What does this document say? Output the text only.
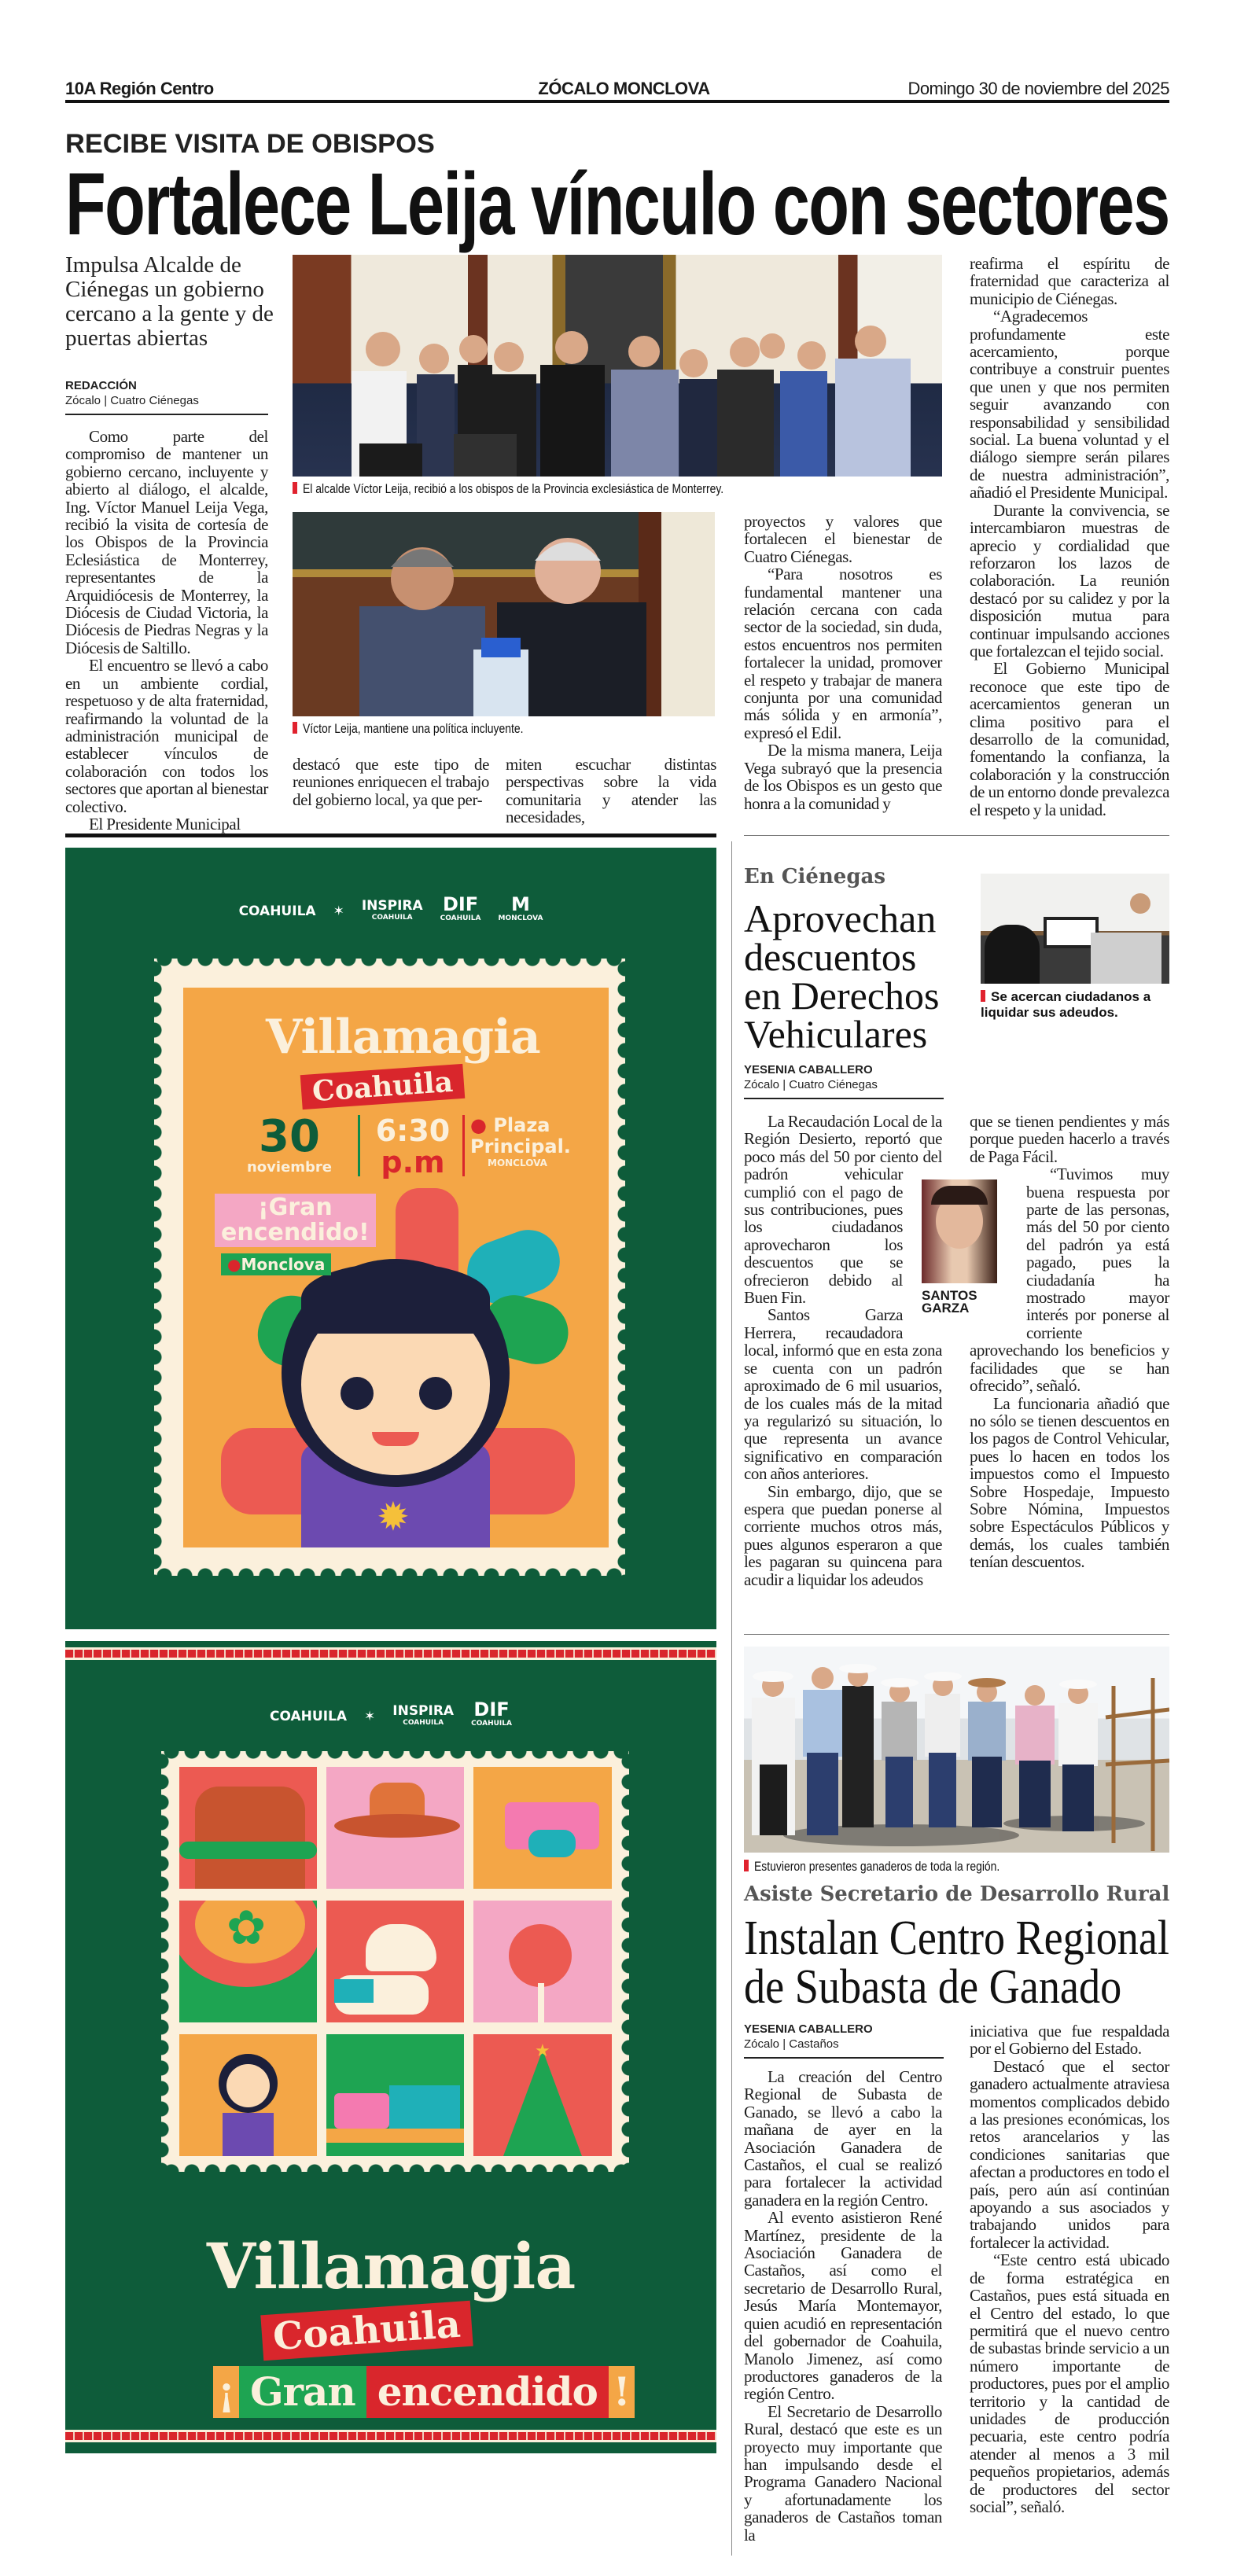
10A Región Centro	ZÓCALO MONCLOVA	Domingo 30 de noviembre del 2025
RECIBE VISITA DE OBISPOS
Fortalece Leija vínculo con sectores
Impulsa Alcalde de Ciénegas un gobierno cercano a la gente y de puertas abiertas
REDACCIÓN
Zócalo | Cuatro Ciénegas
El alcalde Víctor Leija, recibió a los obispos de la Provincia exclesiástica de Monterrey.
Víctor Leija, mantiene una política incluyente.

Como parte del compromiso de mantener un gobierno cercano, incluyente y abierto al diálogo, el alcalde, Ing. Víctor Manuel Leija Vega, recibió la visita de cortesía de los Obispos de la Provincia Eclesiástica de Monterrey, representantes de la Arquidiócesis de Monterrey, la Diócesis de Ciudad Victoria, la Diócesis de Piedras Negras y la Diócesis de Saltillo.

El encuentro se llevó a cabo en un ambiente cordial, respetuoso y de alta fraternidad, reafirmando la voluntad de la administración municipal de establecer vínculos de colaboración con todos los sectores que aportan al bienestar colectivo.

El Presidente Municipal

destacó que este tipo de reuniones enriquecen el trabajo del gobierno local, ya que per-

miten escuchar distintas perspectivas sobre la vida comunitaria y atender las necesidades,

proyectos y valores que fortalecen el bienestar de Cuatro Ciénegas.

“Para nosotros es fundamental mantener una relación cercana con cada sector de la sociedad, sin duda, estos encuentros nos permiten fortalecer la unidad, promover el respeto y trabajar de manera conjunta por una comunidad más sólida y en armonía”, expresó el Edil.

De la misma manera, Leija Vega subrayó que la presencia de los Obispos es un gesto que honra a la comunidad y

reafirma el espíritu de fraternidad que caracteriza al municipio de Ciénegas.

“Agradecemos profundamente este acercamiento, porque contribuye a construir puentes que unen y que nos permiten seguir avanzando con responsabilidad y sensibilidad social. La buena voluntad y el diálogo siempre serán pilares de nuestra administración”, añadió el Presidente Municipal.

Durante la convivencia, se intercambiaron muestras de aprecio y cordialidad que reforzaron los lazos de colaboración. La reunión destacó por su calidez y por la disposición mutua para continuar impulsando acciones que fortalezcan el tejido social.

El Gobierno Municipal reconoce que este tipo de acercamientos generan un clima positivo para el desarrollo de la comunidad, fomentando la confianza, la colaboración y la construcción de un entorno donde prevalezca el respeto y la unidad.

COAHUILA ✶ INSPIRA
COAHUILA
DIF
COAHUILA
M
MONCLOVA
Villamagia
Coahuila
30
noviembre
6:30
p.m
● Plaza Principal.
MONCLOVA
✹
¡Gran
encendido!
●Monclova
COAHUILA ✶ INSPIRA
COAHUILA
DIF
COAHUILA
✿
★
Villamagia
Coahuila
¡ Gran encendido !
En Ciénegas
Aprovechan
descuentos
en Derechos
Vehiculares
YESENIA CABALLERO
Zócalo | Cuatro Ciénegas
Se acercan ciudadanos a liquidar sus adeudos.
SANTOS GARZA

La Recaudación Local de la Región Desierto, reportó que poco más del 50 por ciento del padrón vehicular cumplió con el pago de sus contribuciones, pues los ciudadanos aprovecharon los descuentos que se ofrecieron debido al Buen Fin.

Santos Garza Herrera, recaudadora local, informó que en esta zona se cuenta con un padrón aproximado de 6 mil usuarios, de los cuales más de la mitad ya regularizó su situación, lo que representa un avance significativo en comparación con años anteriores.

Sin embargo, dijo, que se espera que puedan ponerse al corriente muchos otros más, pues algunos esperaron a que les pagaran su quincena para acudir a liquidar los adeudos

que se tienen pendientes y más porque pueden hacerlo a través de Paga Fácil.

“Tuvimos muy buena respuesta por parte de las personas, más del 50 por ciento del padrón ya está pagado, pues la ciudadanía ha mostrado mayor interés por ponerse al corriente aprovechando los beneficios y facilidades que se han ofrecido”, señaló.

La funcionaria añadió que no sólo se tienen descuentos en los pagos de Control Vehicular, pues lo hacen en todos los impuestos como el Impuesto Sobre Hospedaje, Impuesto Sobre Nómina, Impuestos sobre Espectáculos Públicos y demás, los cuales también tenían descuentos.

Estuvieron presentes ganaderos de toda la región.
Asiste Secretario de Desarrollo Rural
Instalan Centro Regional
de Subasta de Ganado
YESENIA CABALLERO
Zócalo | Castaños

La creación del Centro Regional de Subasta de Ganado, se llevó a cabo la mañana de ayer en la Asociación Ganadera de Castaños, el cual se realizó para fortalecer la actividad ganadera en la región Centro.

Al evento asistieron René Martínez, presidente de la Asociación Ganadera de Castaños, así como el secretario de Desarrollo Rural, Jesús María Montemayor, quien acudió en representación del gobernador de Coahuila, Manolo Jimenez, así como productores ganaderos de la región Centro.

El Secretario de Desarrollo Rural, destacó que este es un proyecto muy importante que han impulsando desde el Programa Ganadero Nacional y afortunadamente los ganaderos de Castaños toman la

iniciativa que fue respaldada por el Gobierno del Estado.

Destacó que el sector ganadero actualmente atraviesa momentos complicados debido a las presiones económicas, los retos arancelarios y las condiciones sanitarias que afectan a productores en todo el país, pero aún así continúan apoyando a sus asociados y trabajando unidos para fortalecer la actividad.

“Este centro está ubicado de forma estratégica en Castaños, pues está situada en el Centro del estado, lo que permitirá que el nuevo centro de subastas brinde servicio a un número importante de productores, pues por el amplio territorio y la cantidad de unidades de producción pecuaria, este centro podría atender al menos a 3 mil pequeños propietarios, además de productores del sector social”, señaló.
